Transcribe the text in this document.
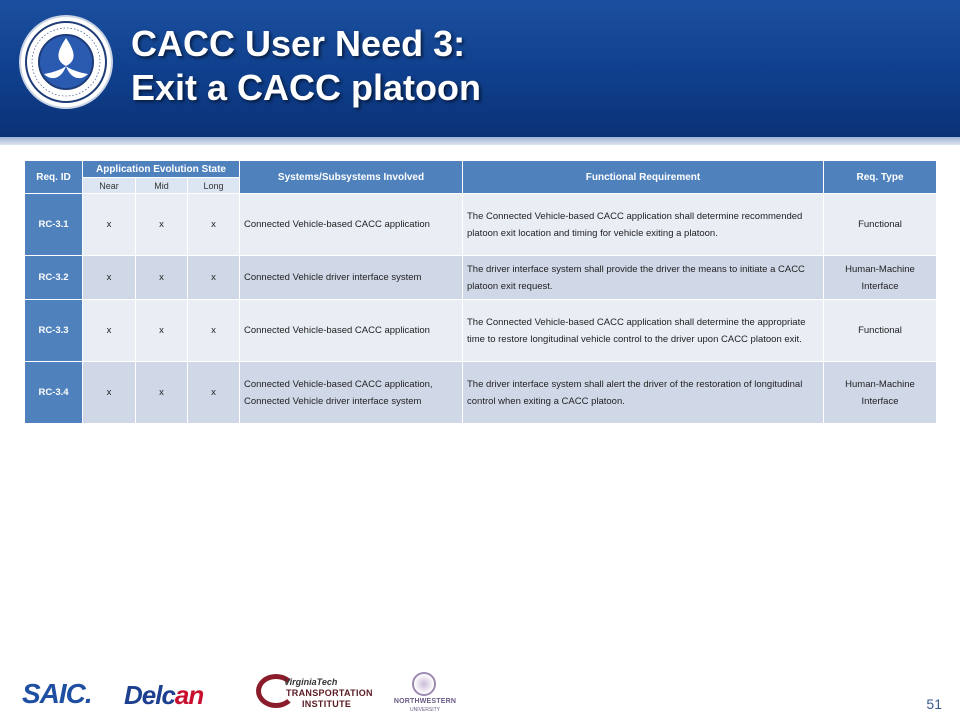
CACC User Need 3:
Exit a CACC platoon
Req. ID	Application Evolution State			Systems/Subsystems Involved	Functional Requirement	Req. Type
	Near	Mid	Long			
RC-3.1	x	x	x	Connected Vehicle-based CACC application	The Connected Vehicle-based CACC application shall determine recommended platoon exit location and timing for vehicle exiting a platoon.	Functional
RC-3.2	x	x	x	Connected Vehicle driver interface system	The driver interface system shall provide the driver the means to initiate a CACC platoon exit request.	Human-Machine Interface
RC-3.3	x	x	x	Connected Vehicle-based CACC application	The Connected Vehicle-based CACC application shall determine the appropriate time to restore longitudinal vehicle control to the driver upon CACC platoon exit.	Functional
RC-3.4	x	x	x	Connected Vehicle-based CACC application, Connected Vehicle driver interface system	The driver interface system shall alert the driver of the restoration of longitudinal control when exiting a CACC platoon.	Human-Machine Interface
SAIC. Delcan	VirginiaTech
TRANSPORTATION
INSTITUTE	NORTHWESTERN
UNIVERSITY	51
